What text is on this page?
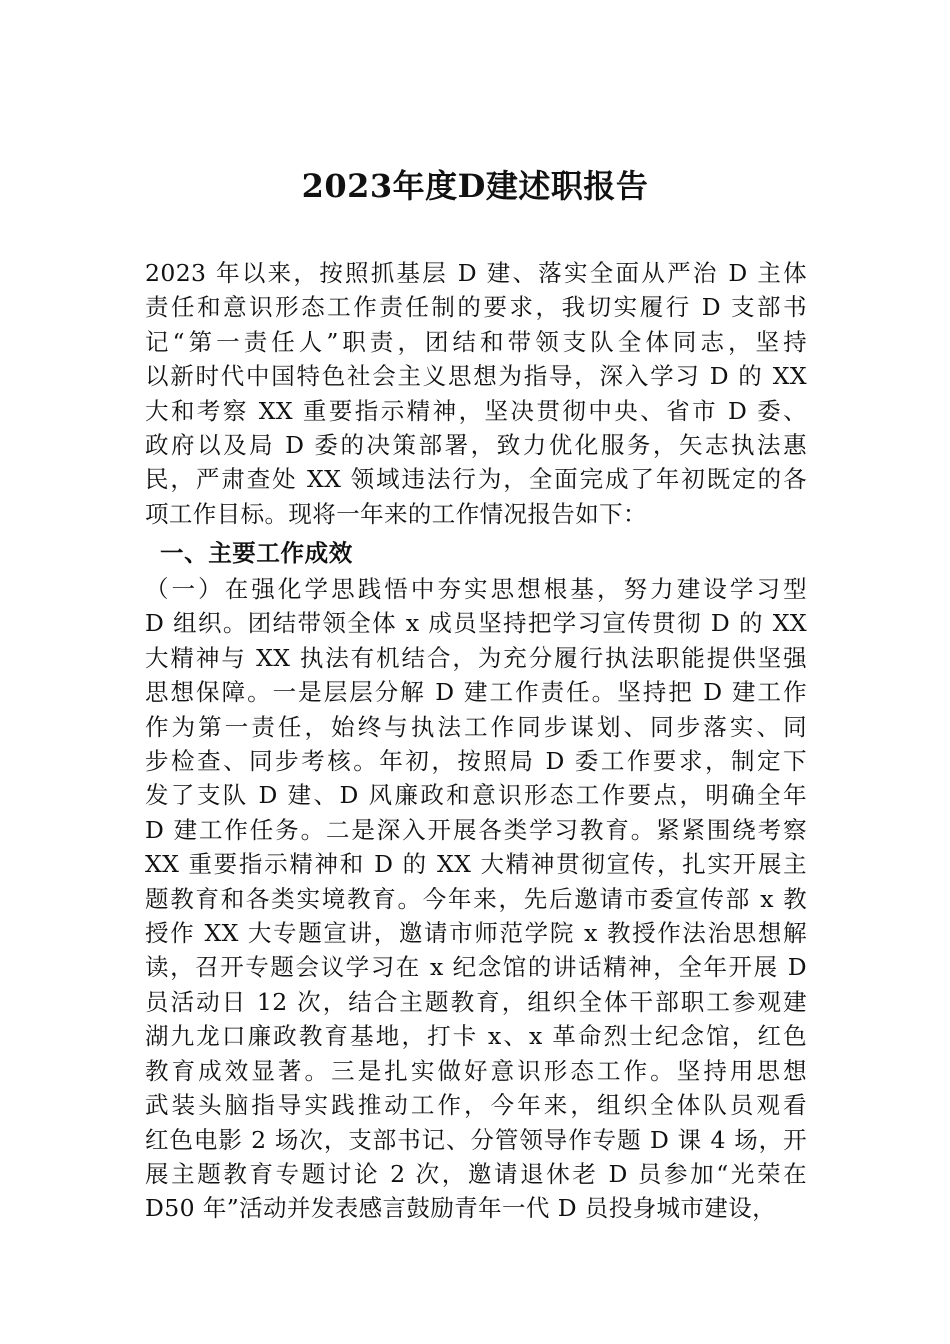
2023年度D建述职报告
2023 年以来，按照抓基层 D 建、落实全面从严治 D 主体
责任和意识形态工作责任制的要求，我切实履行 D 支部书
记“第一责任人”职责，团结和带领支队全体同志，坚持
以新时代中国特色社会主义思想为指导，深入学习 D 的 XX
大和考察 XX 重要指示精神，坚决贯彻中央、省市 D 委、
政府以及局 D 委的决策部署，致力优化服务，矢志执法惠
民，严肃查处 XX 领域违法行为，全面完成了年初既定的各
项工作目标。现将一年来的工作情况报告如下：
一、主要工作成效
（一）在强化学思践悟中夯实思想根基，努力建设学习型
D 组织。团结带领全体 x 成员坚持把学习宣传贯彻 D 的 XX
大精神与 XX 执法有机结合，为充分履行执法职能提供坚强
思想保障。一是层层分解 D 建工作责任。坚持把 D 建工作
作为第一责任，始终与执法工作同步谋划、同步落实、同
步检查、同步考核。年初，按照局 D 委工作要求，制定下
发了支队 D 建、D 风廉政和意识形态工作要点，明确全年
D 建工作任务。二是深入开展各类学习教育。紧紧围绕考察
XX 重要指示精神和 D 的 XX 大精神贯彻宣传，扎实开展主
题教育和各类实境教育。今年来，先后邀请市委宣传部 x 教
授作 XX 大专题宣讲，邀请市师范学院 x 教授作法治思想解
读，召开专题会议学习在 x 纪念馆的讲话精神，全年开展 D
员活动日 12 次，结合主题教育，组织全体干部职工参观建
湖九龙口廉政教育基地，打卡 x、x 革命烈士纪念馆，红色
教育成效显著。三是扎实做好意识形态工作。坚持用思想
武装头脑指导实践推动工作，今年来，组织全体队员观看
红色电影 2 场次，支部书记、分管领导作专题 D 课 4 场，开
展主题教育专题讨论 2 次，邀请退休老 D 员参加“光荣在
D50 年”活动并发表感言鼓励青年一代 D 员投身城市建设，
